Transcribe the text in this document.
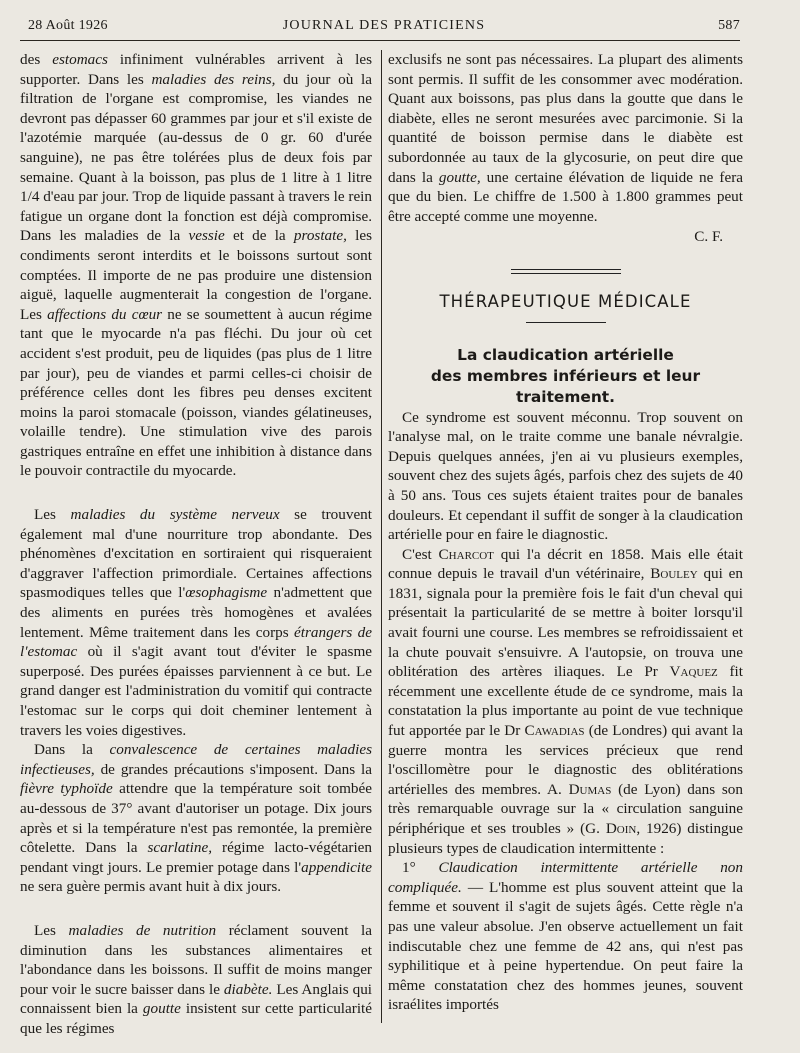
28 Août 1926	JOURNAL DES PRATICIENS	587

des estomacs infiniment vulnérables arrivent à les supporter. Dans les maladies des reins, du jour où la filtration de l'organe est compromise, les viandes ne devront pas dépasser 60 grammes par jour et s'il existe de l'azotémie marquée (au-dessus de 0 gr. 60 d'urée sanguine), ne pas être tolérées plus de deux fois par semaine. Quant à la boisson, pas plus de 1 litre à 1 litre 1/4 d'eau par jour. Trop de liquide passant à travers le rein fatigue un organe dont la fonction est déjà compromise. Dans les maladies de la vessie et de la prostate, les condiments seront interdits et le boissons surtout sont comptées. Il importe de ne pas produire une distension aiguë, laquelle augmenterait la congestion de l'organe. Les affections du cœur ne se soumettent à aucun régime tant que le myocarde n'a pas fléchi. Du jour où cet accident s'est produit, peu de liquides (pas plus de 1 litre par jour), peu de viandes et parmi celles-ci choisir de préférence celles dont les fibres peu denses excitent moins la paroi stomacale (poisson, viandes gélatineuses, volaille tendre). Une stimulation vive des parois gastriques entraîne en effet une inhibition à distance dans le pouvoir contractile du myocarde.

Les maladies du système nerveux se trouvent également mal d'une nourriture trop abondante. Des phénomènes d'excitation en sortiraient qui risqueraient d'aggraver l'affection primordiale. Certaines affections spasmodiques telles que l'œsophagisme n'admettent que des aliments en purées très homogènes et avalées lentement. Même traitement dans les corps étrangers de l'estomac où il s'agit avant tout d'éviter le spasme superposé. Des purées épaisses parviennent à ce but. Le grand danger est l'administration du vomitif qui contracte l'estomac sur le corps qui doit cheminer lentement à travers les voies digestives.

Dans la convalescence de certaines maladies infectieuses, de grandes précautions s'imposent. Dans la fièvre typhoïde attendre que la température soit tombée au-dessous de 37° avant d'autoriser un potage. Dix jours après et si la température n'est pas remontée, la première côtelette. Dans la scarlatine, régime lacto-végétarien pendant vingt jours. Le premier potage dans l'appendicite ne sera guère permis avant huit à dix jours.

Les maladies de nutrition réclament souvent la diminution dans les substances alimentaires et l'abondance dans les boissons. Il suffit de moins manger pour voir le sucre baisser dans le diabète. Les Anglais qui connaissent bien la goutte insistent sur cette particularité que les régimes

exclusifs ne sont pas nécessaires. La plupart des aliments sont permis. Il suffit de les consommer avec modération. Quant aux boissons, pas plus dans la goutte que dans le diabète, elles ne seront mesurées avec parcimonie. Si la quantité de boisson permise dans le diabète est subordonnée au taux de la glycosurie, on peut dire que dans la goutte, une certaine élévation de liquide ne fera que du bien. Le chiffre de 1.500 à 1.800 grammes peut être accepté comme une moyenne.

C. F.
THÉRAPEUTIQUE MÉDICALE
La claudication artérielle
des membres inférieurs et leur traitement.

Ce syndrome est souvent méconnu. Trop souvent on l'analyse mal, on le traite comme une banale névralgie. Depuis quelques années, j'en ai vu plusieurs exemples, souvent chez des sujets âgés, parfois chez des sujets de 40 à 50 ans. Tous ces sujets étaient traites pour de banales douleurs. Et cependant il suffit de songer à la claudication artérielle pour en faire le diagnostic.

C'est Charcot qui l'a décrit en 1858. Mais elle était connue depuis le travail d'un vétérinaire, Bouley qui en 1831, signala pour la première fois le fait d'un cheval qui présentait la particularité de se mettre à boiter lorsqu'il avait fourni une course. Les membres se refroidissaient et la chute pouvait s'ensuivre. A l'autopsie, on trouva une oblitération des artères iliaques. Le Pr Vaquez fit récemment une excellente étude de ce syndrome, mais la constatation la plus importante au point de vue technique fut apportée par le Dr Cawadias (de Londres) qui avant la guerre montra les services précieux que rend l'oscillomètre pour le diagnostic des oblitérations artérielles des membres. A. Dumas (de Lyon) dans son très remarquable ouvrage sur la « circulation sanguine périphérique et ses troubles » (G. Doin, 1926) distingue plusieurs types de claudication intermittente :

1° Claudication intermittente artérielle non compliquée. — L'homme est plus souvent atteint que la femme et souvent il s'agit de sujets âgés. Cette règle n'a pas une valeur absolue. J'en observe actuellement un fait indiscutable chez une femme de 42 ans, qui n'est pas syphilitique et à peine hypertendue. On peut faire la même constatation chez des hommes jeunes, souvent israélites importés
